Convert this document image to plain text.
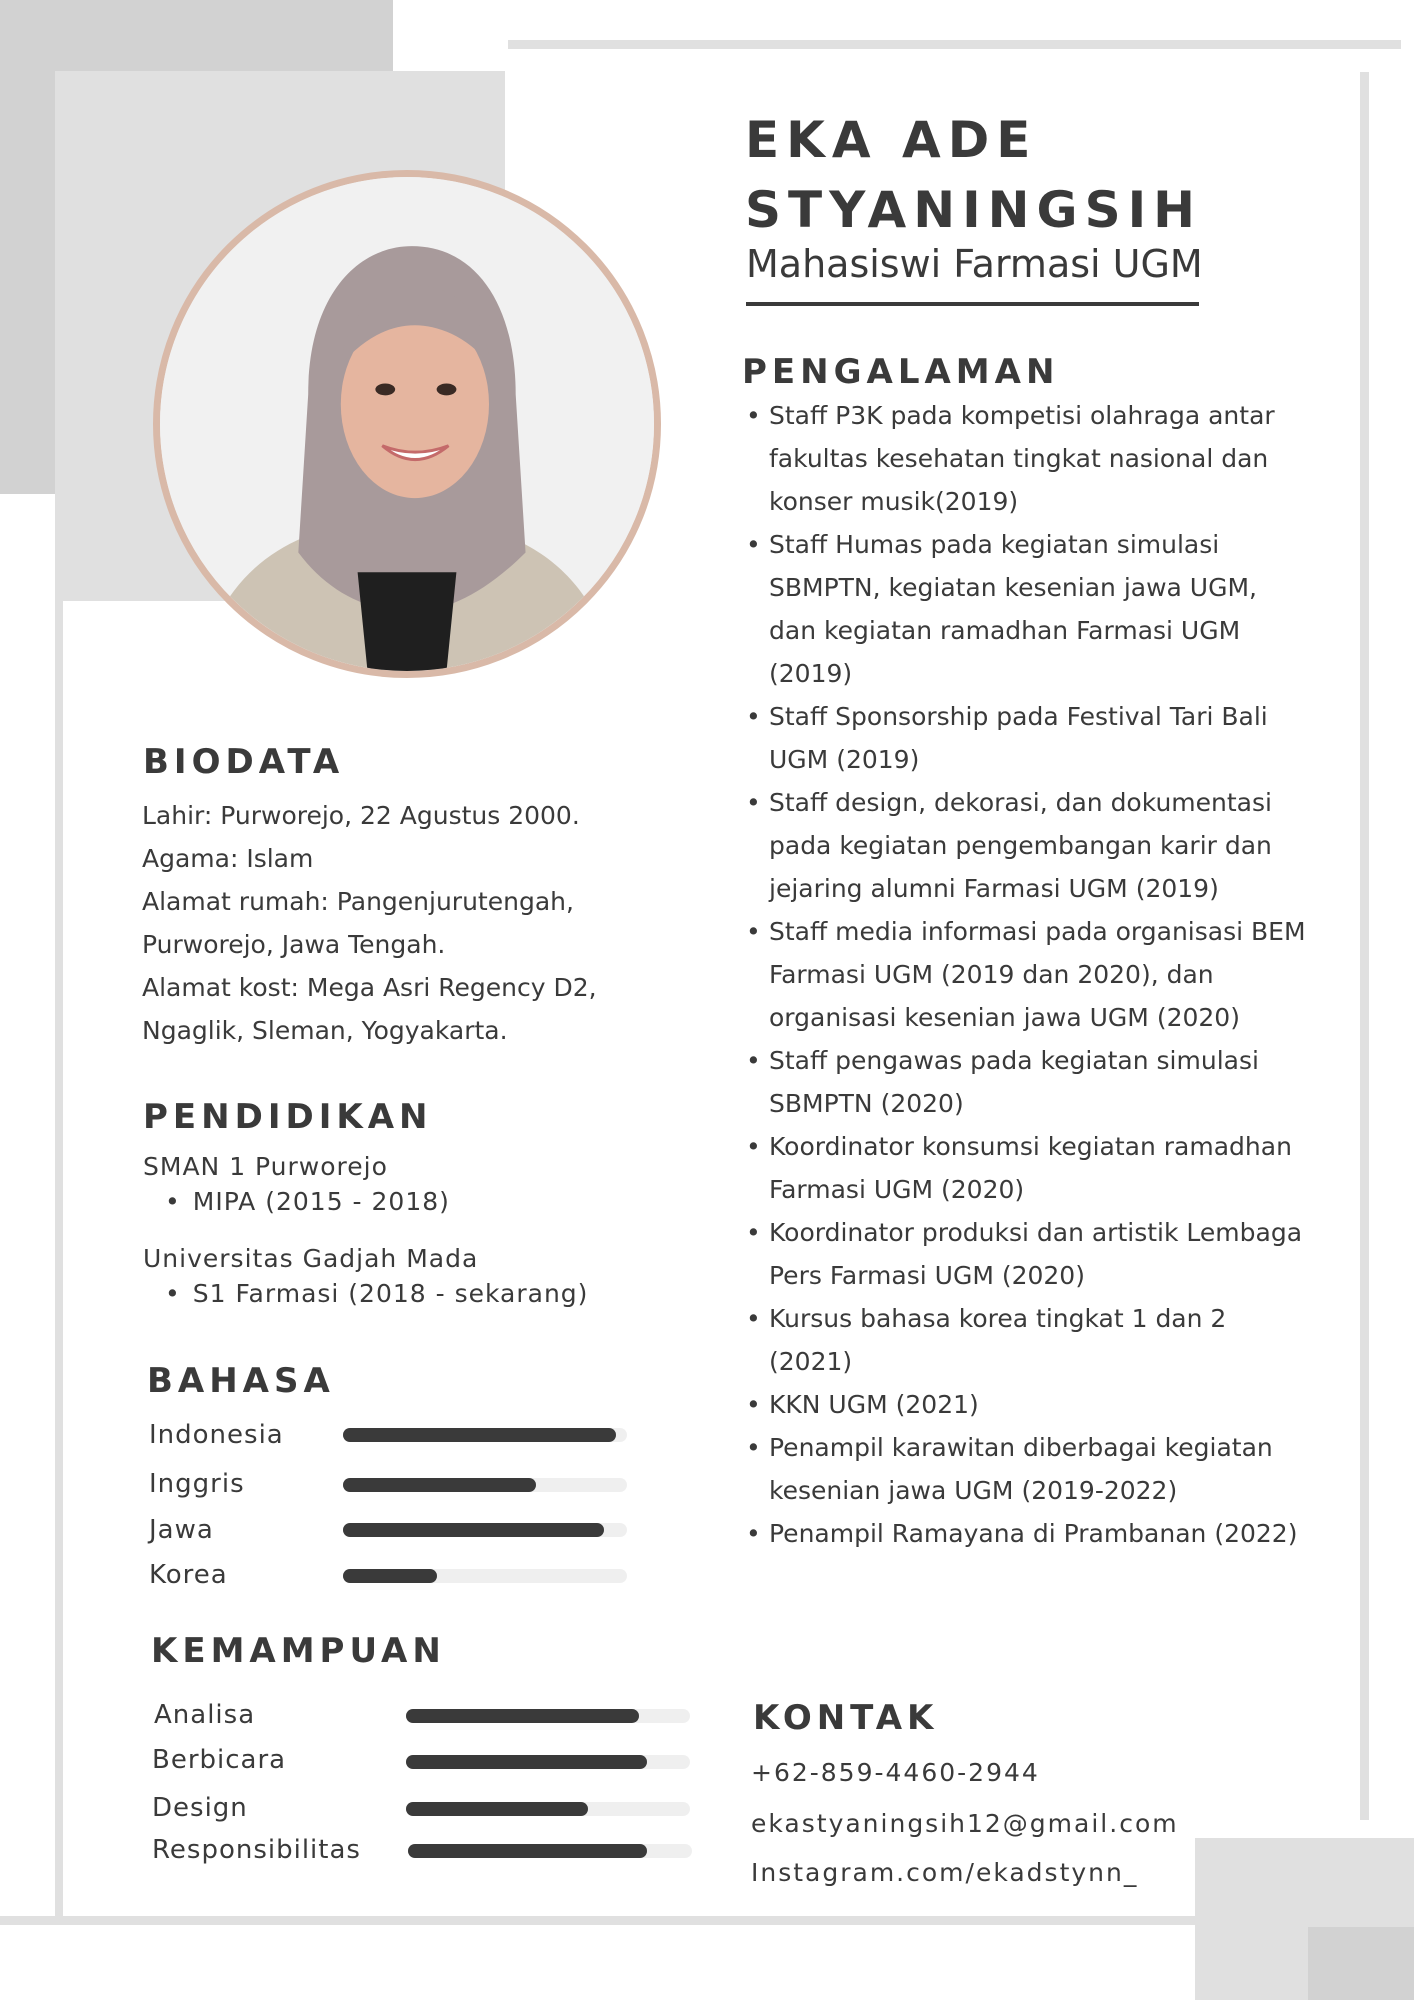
EKA ADE
STYANINGSIH
Mahasiswi Farmasi UGM
BIODATA

Lahir: Purworejo, 22 Agustus 2000.

Agama: Islam

Alamat rumah: Pangenjurutengah,

Purworejo, Jawa Tengah.

Alamat kost: Mega Asri Regency D2,

Ngaglik, Sleman, Yogyakarta.

PENDIDIKAN
SMAN 1 Purworejo
• MIPA (2015 - 2018)
Universitas Gadjah Mada
• S1 Farmasi (2018 - sekarang)
BAHASA
Indonesia
Inggris
Jawa
Korea
KEMAMPUAN
Analisa
Berbicara
Design
Responsibilitas
PENGALAMAN
• Staff P3K pada kompetisi olahraga antar fakultas kesehatan tingkat nasional dan konser musik(2019)
• Staff Humas pada kegiatan simulasi SBMPTN, kegiatan kesenian jawa UGM, dan kegiatan ramadhan Farmasi UGM (2019)
• Staff Sponsorship pada Festival Tari Bali UGM (2019)
• Staff design, dekorasi, dan dokumentasi pada kegiatan pengembangan karir dan jejaring alumni Farmasi UGM (2019)
• Staff media informasi pada organisasi BEM Farmasi UGM (2019 dan 2020), dan organisasi kesenian jawa UGM (2020)
• Staff pengawas pada kegiatan simulasi SBMPTN (2020)
• Koordinator konsumsi kegiatan ramadhan Farmasi UGM (2020)
• Koordinator produksi dan artistik Lembaga Pers Farmasi UGM (2020)
• Kursus bahasa korea tingkat 1 dan 2 (2021)
• KKN UGM (2021)
• Penampil karawitan diberbagai kegiatan kesenian jawa UGM (2019-2022)
• Penampil Ramayana di Prambanan (2022)
KONTAK
+62-859-4460-2944
ekastyaningsih12@gmail.com
Instagram.com/ekadstynn_
